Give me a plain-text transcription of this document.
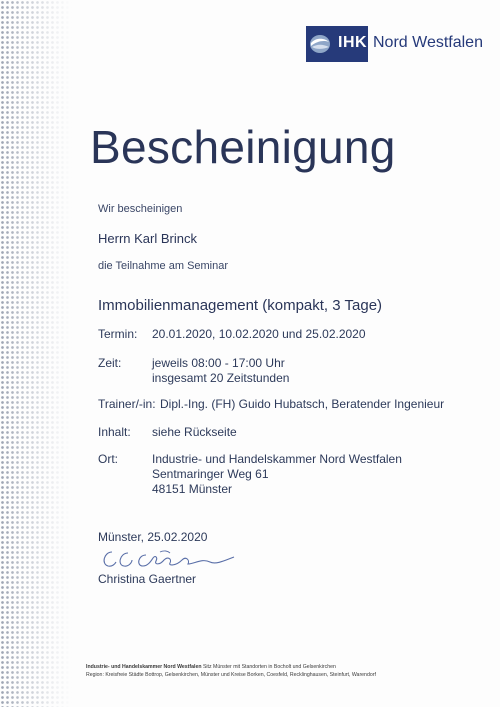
IHK Nord Westfalen
Bescheinigung
Wir bescheinigen
Herrn Karl Brinck
die Teilnahme am Seminar
Immobilienmanagement (kompakt, 3 Tage)
Termin: 20.01.2020, 10.02.2020 und 25.02.2020
Zeit:	jeweils 08:00 - 17:00 Uhr
insgesamt 20 Zeitstunden
Trainer/-in: Dipl.-Ing. (FH) Guido Hubatsch, Beratender Ingenieur
Inhalt: siehe Rückseite
Ort:	Industrie- und Handelskammer Nord Westfalen
Sentmaringer Weg 61
48151 Münster
Münster, 25.02.2020
Christina Gaertner
Industrie- und Handelskammer Nord Westfalen Sitz Münster mit Standorten in Bocholt und Gelsenkirchen
Region: Kreisfreie Städte Bottrop, Gelsenkirchen, Münster und Kreise Borken, Coesfeld, Recklinghausen, Steinfurt, Warendorf
